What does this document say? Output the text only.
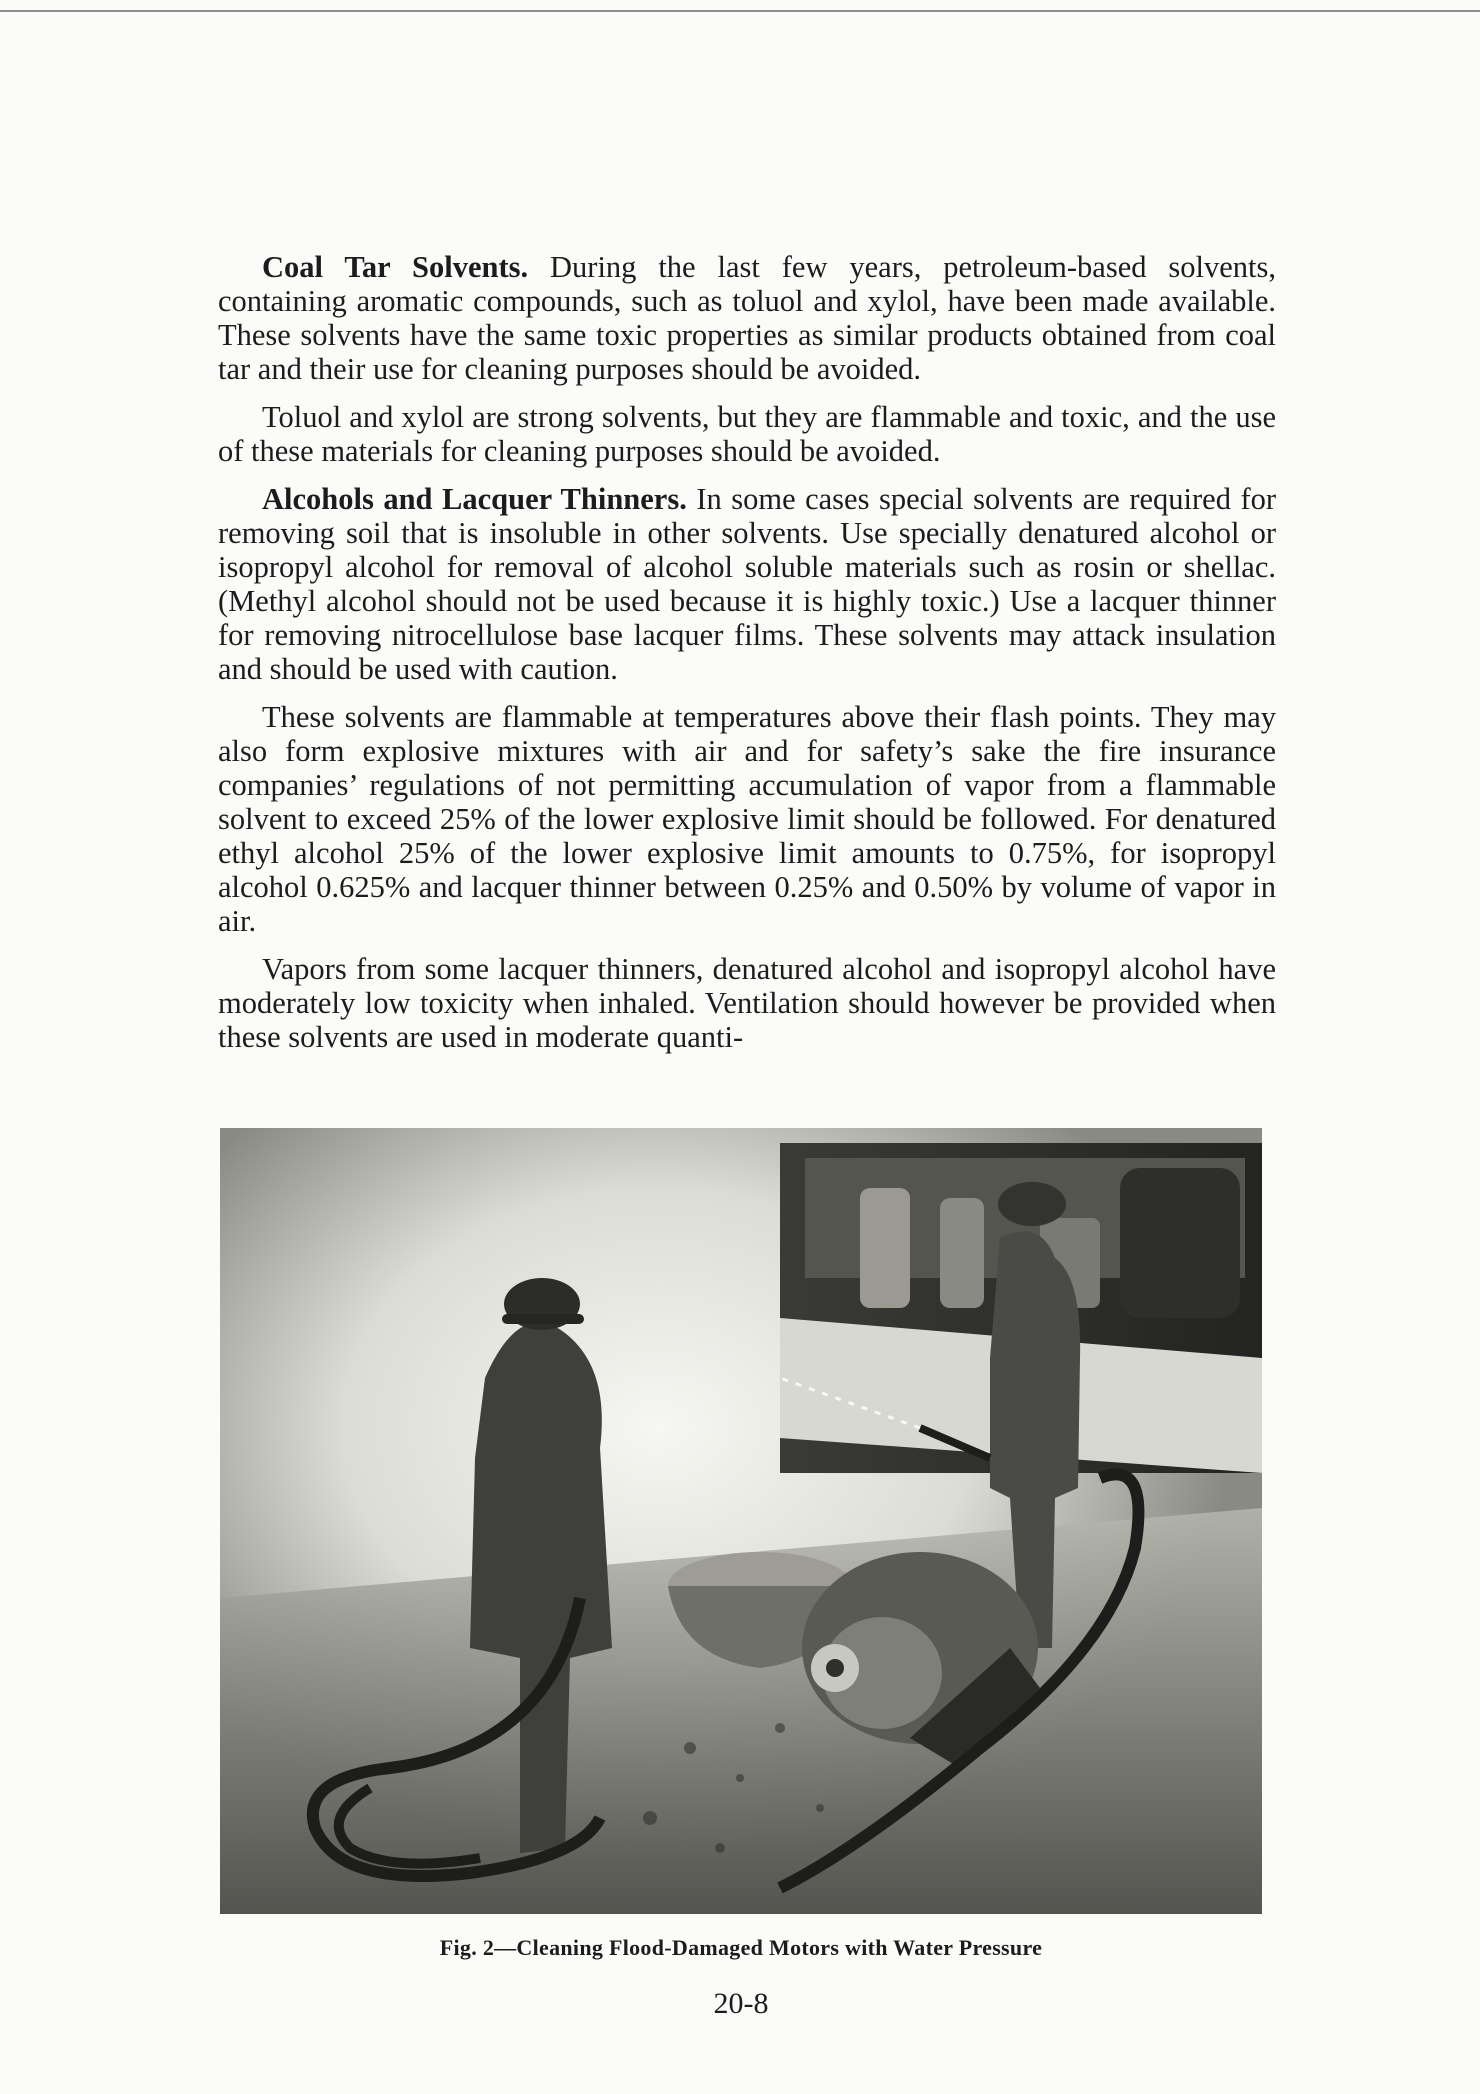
Coal Tar Solvents. During the last few years, petroleum-based solvents, containing aromatic compounds, such as toluol and xylol, have been made available. These solvents have the same toxic properties as similar products obtained from coal tar and their use for cleaning purposes should be avoided.

Toluol and xylol are strong solvents, but they are flammable and toxic, and the use of these materials for cleaning purposes should be avoided.

Alcohols and Lacquer Thinners. In some cases special solvents are required for removing soil that is insoluble in other solvents. Use specially denatured alcohol or isopropyl alcohol for removal of alcohol soluble materials such as rosin or shellac. (Methyl alcohol should not be used because it is highly toxic.) Use a lacquer thinner for removing nitrocellulose base lacquer films. These solvents may attack insulation and should be used with caution.

These solvents are flammable at temperatures above their flash points. They may also form explosive mixtures with air and for safety’s sake the fire insurance companies’ regulations of not permitting accumulation of vapor from a flammable solvent to exceed 25% of the lower explosive limit should be followed. For denatured ethyl alcohol 25% of the lower explosive limit amounts to 0.75%, for isopropyl alcohol 0.625% and lacquer thinner between 0.25% and 0.50% by volume of vapor in air.

Vapors from some lacquer thinners, denatured alcohol and isopropyl alcohol have moderately low toxicity when inhaled. Ventilation should however be provided when these solvents are used in moderate quanti-

Fig. 2—Cleaning Flood-Damaged Motors with Water Pressure
20-8
